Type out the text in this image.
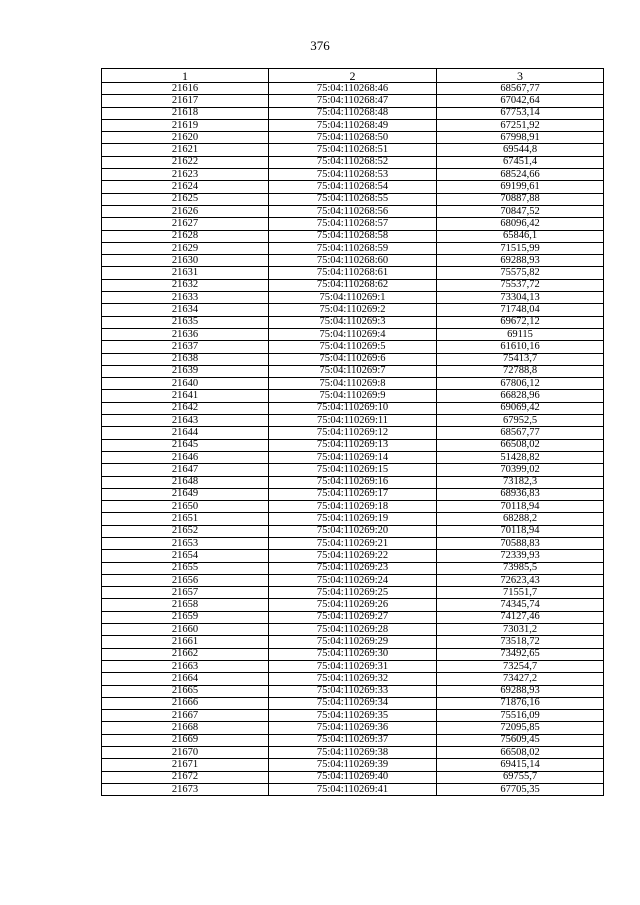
376
1	2	3
21616	75:04:110268:46	68567,77
21617	75:04:110268:47	67042,64
21618	75:04:110268:48	67753,14
21619	75:04:110268:49	67251,92
21620	75:04:110268:50	67998,91
21621	75:04:110268:51	69544,8
21622	75:04:110268:52	67451,4
21623	75:04:110268:53	68524,66
21624	75:04:110268:54	69199,61
21625	75:04:110268:55	70887,88
21626	75:04:110268:56	70847,52
21627	75:04:110268:57	68096,42
21628	75:04:110268:58	65846,1
21629	75:04:110268:59	71515,99
21630	75:04:110268:60	69288,93
21631	75:04:110268:61	75575,82
21632	75:04:110268:62	75537,72
21633	75:04:110269:1	73304,13
21634	75:04:110269:2	71748,04
21635	75:04:110269:3	69672,12
21636	75:04:110269:4	69115
21637	75:04:110269:5	61610,16
21638	75:04:110269:6	75413,7
21639	75:04:110269:7	72788,8
21640	75:04:110269:8	67806,12
21641	75:04:110269:9	66828,96
21642	75:04:110269:10	69069,42
21643	75:04:110269:11	67952,5
21644	75:04:110269:12	68567,77
21645	75:04:110269:13	66508,02
21646	75:04:110269:14	51428,82
21647	75:04:110269:15	70399,02
21648	75:04:110269:16	73182,3
21649	75:04:110269:17	68936,83
21650	75:04:110269:18	70118,94
21651	75:04:110269:19	68288,2
21652	75:04:110269:20	70118,94
21653	75:04:110269:21	70588,83
21654	75:04:110269:22	72339,93
21655	75:04:110269:23	73985,5
21656	75:04:110269:24	72623,43
21657	75:04:110269:25	71551,7
21658	75:04:110269:26	74345,74
21659	75:04:110269:27	74127,46
21660	75:04:110269:28	73031,2
21661	75:04:110269:29	73518,72
21662	75:04:110269:30	73492,65
21663	75:04:110269:31	73254,7
21664	75:04:110269:32	73427,2
21665	75:04:110269:33	69288,93
21666	75:04:110269:34	71876,16
21667	75:04:110269:35	75516,09
21668	75:04:110269:36	72095,85
21669	75:04:110269:37	75609,45
21670	75:04:110269:38	66508,02
21671	75:04:110269:39	69415,14
21672	75:04:110269:40	69755,7
21673	75:04:110269:41	67705,35
